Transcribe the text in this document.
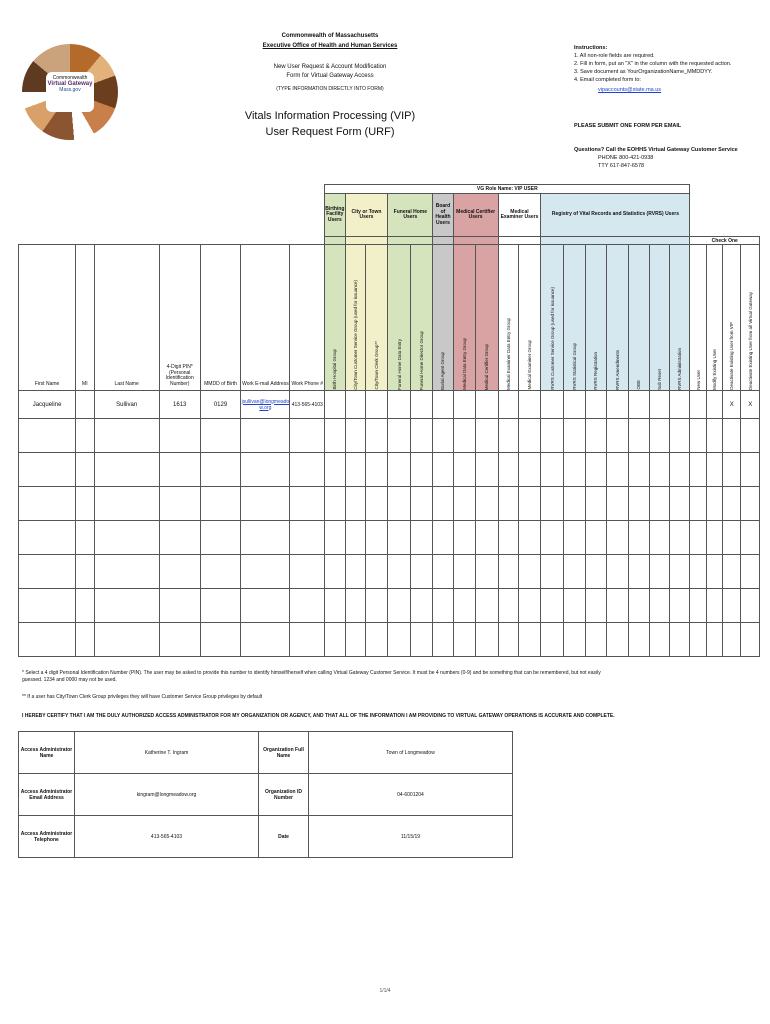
Commonwealth
Virtual Gateway
Mass.gov
Commonwealth of Massachusetts
Executive Office of Health and Human Services
New User Request & Account Modification
Form for Virtual Gateway Access
(TYPE INFORMATION DIRECTLY INTO FORM)
Vitals Information Processing (VIP)
User Request Form (URF)
Instructions:
1. All non-role fields are required.
2. Fill in form, put an "X" in the column with the requested action.
3. Save document as YourOrganizationName_MMDDYY.
4. Email completed form to:
vipaccounts@state.ma.us
PLEASE SUBMIT ONE FORM PER EMAIL
Questions? Call the EOHHS Virtual Gateway Customer Service
PHONE 800-421-0938
TTY 617-847-6578
							VG Role Name: VIP USER																				
							Birthing Facility Users	City or Town Users		Funeral Home Users		Board of Health Users	Medical Certifier Users		Medical Examiner Users		Registry of Vital Records and Statistics (RVRS) Users										
																								Check One			
First Name	MI	Last Name	4-Digit PIN* (Personal Identification Number)	MMDD of Birth	Work E-mail Address	Work Phone #	Birth Hospital Group	City/Town Customer Service Group (used for issuance)	City/Town Clerk Group**	Funeral Home Data Entry	Funeral Home Director Group	Burial Agent Group	Medical Data Entry Group	Medical Certifier Group	Medical Examiner Data Entry Group	Medical Examiner Group	RVRS Customer Service Group (used for issuance)	RVRS Statistical Group	RVRS Registration	RVRS Amendments	OBE	Sub Reset	RVRS Administration	New User	Modify Existing User	Deactivate Existing User from VIP	Deactivate Existing User from all Virtual Gateway

Jacqueline		Sullivan	1613	0129	jsullivan@longmeadow.org	413-565-4103																				X	X

* Select a 4 digit Personal Identification Number (PIN). The user may be asked to provide this number to identify himself/herself when calling Virtual Gateway Customer Service. It must be 4 numbers (0-9) and be something that can be remembered, but not easily guessed. 1234 and 0000 may not be used.
** If a user has City/Town Clerk Group privileges they will have Customer Service Group privileges by default
I HEREBY CERTIFY THAT I AM THE DULY AUTHORIZED ACCESS ADMINISTRATOR FOR MY ORGANIZATION OR AGENCY, AND THAT ALL OF THE INFORMATION I AM PROVIDING TO VIRTUAL GATEWAY OPERATIONS IS ACCURATE AND COMPLETE.
Access Administrator Name	Katherine T. Ingram	Organization Full Name	Town of Longmeadow
Access Administrator Email Address	kingram@longmeadow.org	Organization ID Number	04-6001204
Access Administrator Telephone	413-565-4103	Date	11/15/19
1/1/4
